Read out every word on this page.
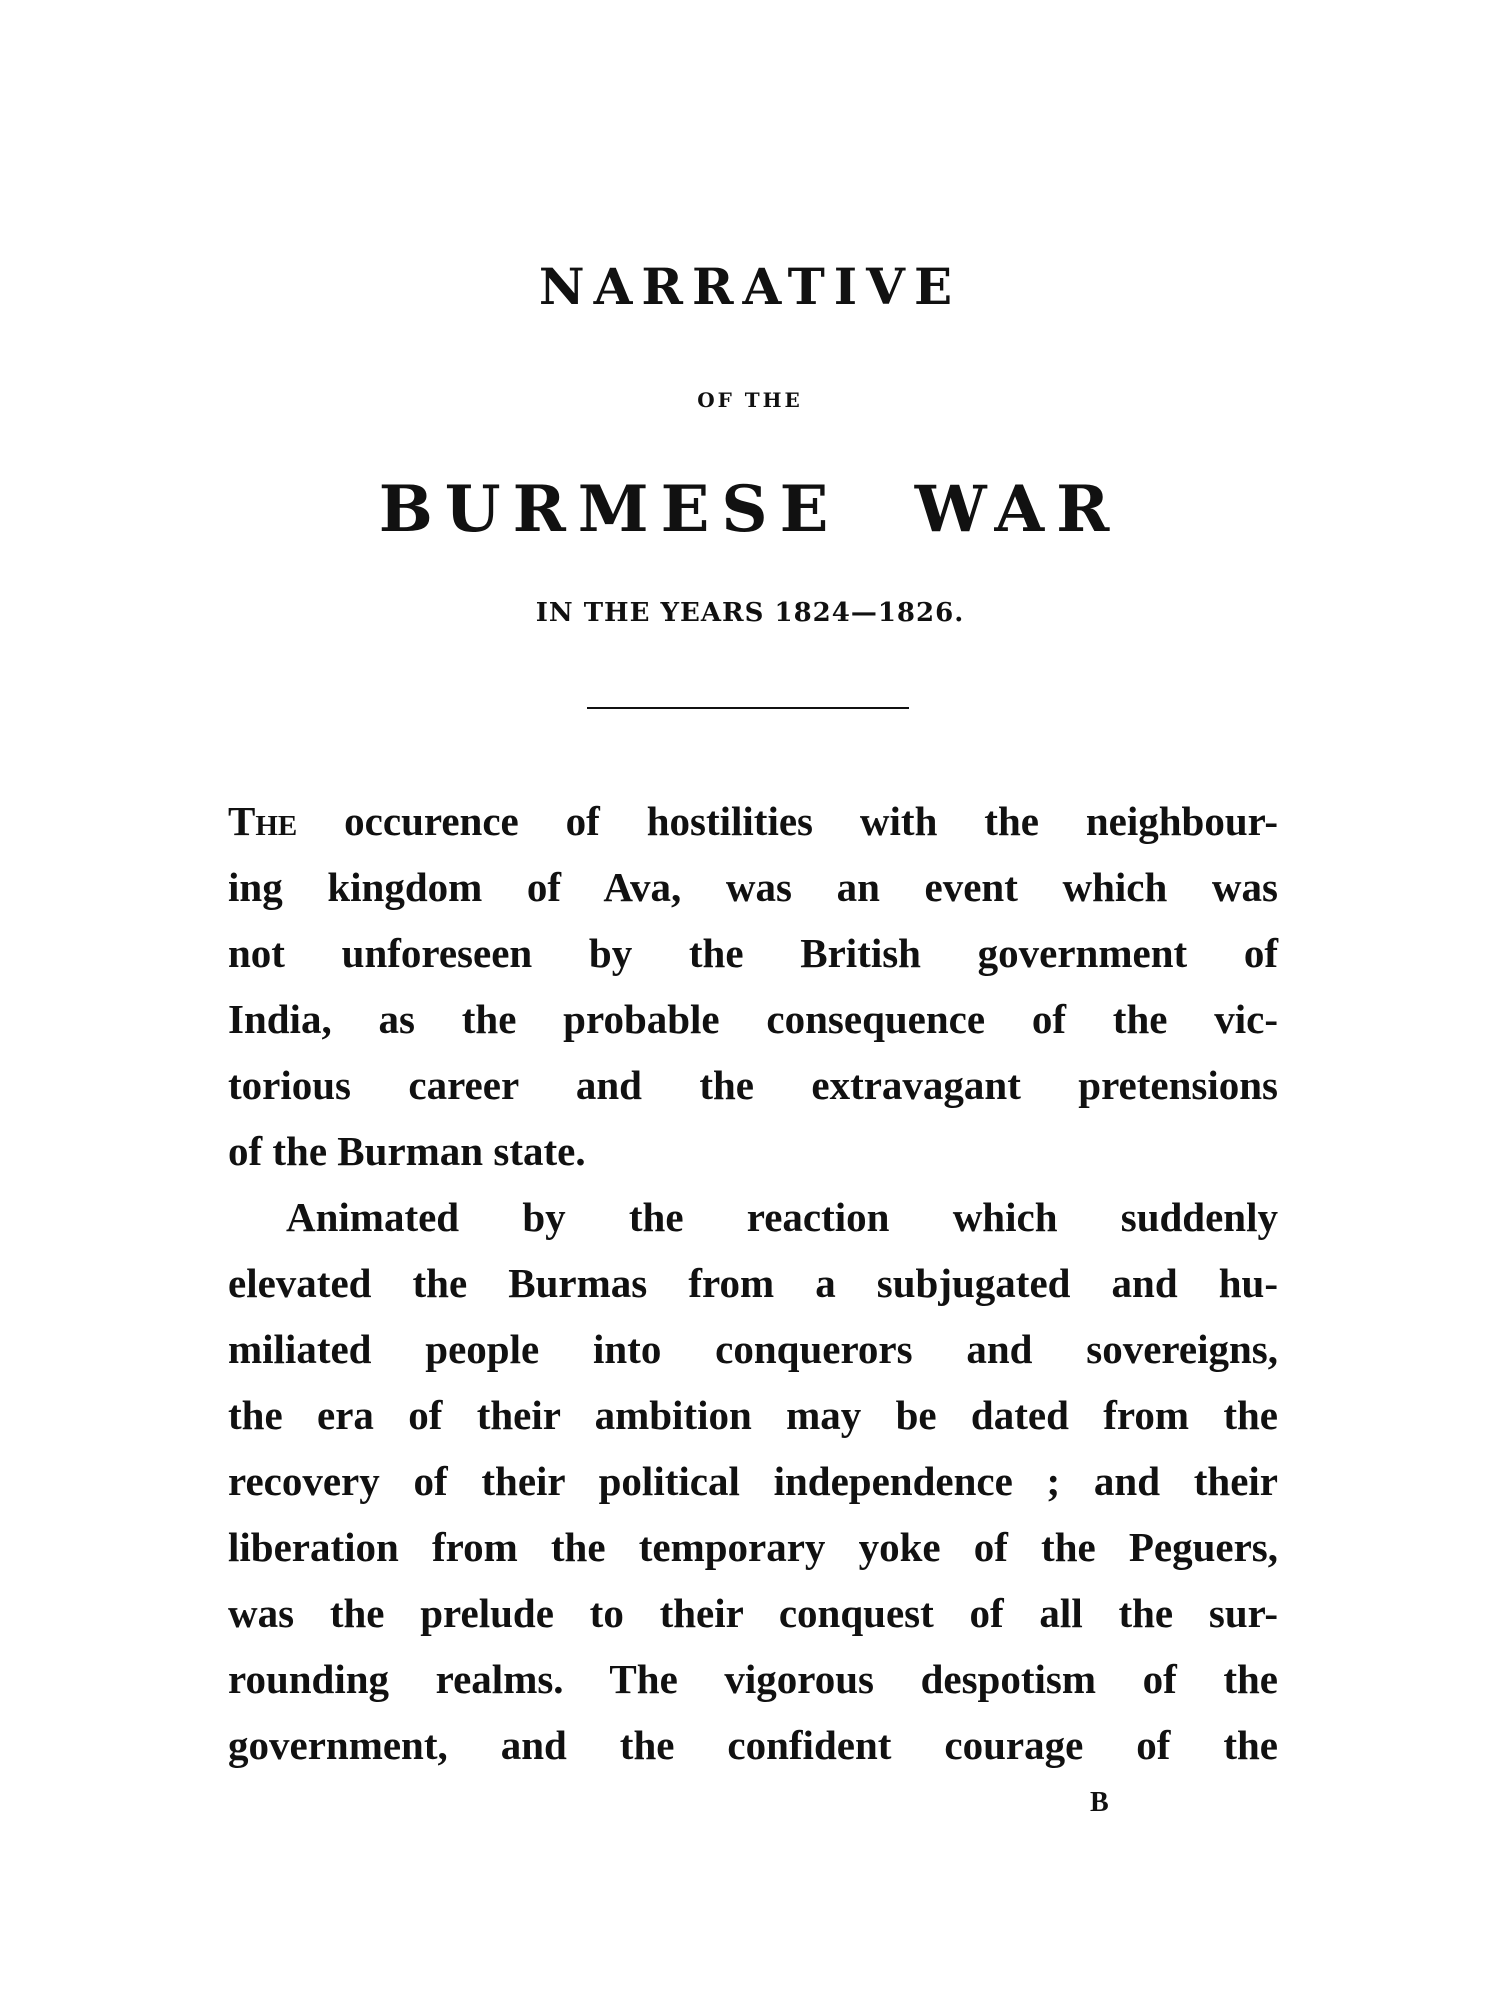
NARRATIVE
OF THE
BURMESE WAR
IN THE YEARS 1824—1826.
The occurence of hostilities with the neighbour-
ing kingdom of Ava, was an event which was
not unforeseen by the British government of
India, as the probable consequence of the vic-
torious career and the extravagant pretensions
of the Burman state.
Animated by the reaction which suddenly
elevated the Burmas from a subjugated and hu-
miliated people into conquerors and sovereigns,
the era of their ambition may be dated from the
recovery of their political independence ; and their
liberation from the temporary yoke of the Peguers,
was the prelude to their conquest of all the sur-
rounding realms. The vigorous despotism of the
government, and the confident courage of the
B
